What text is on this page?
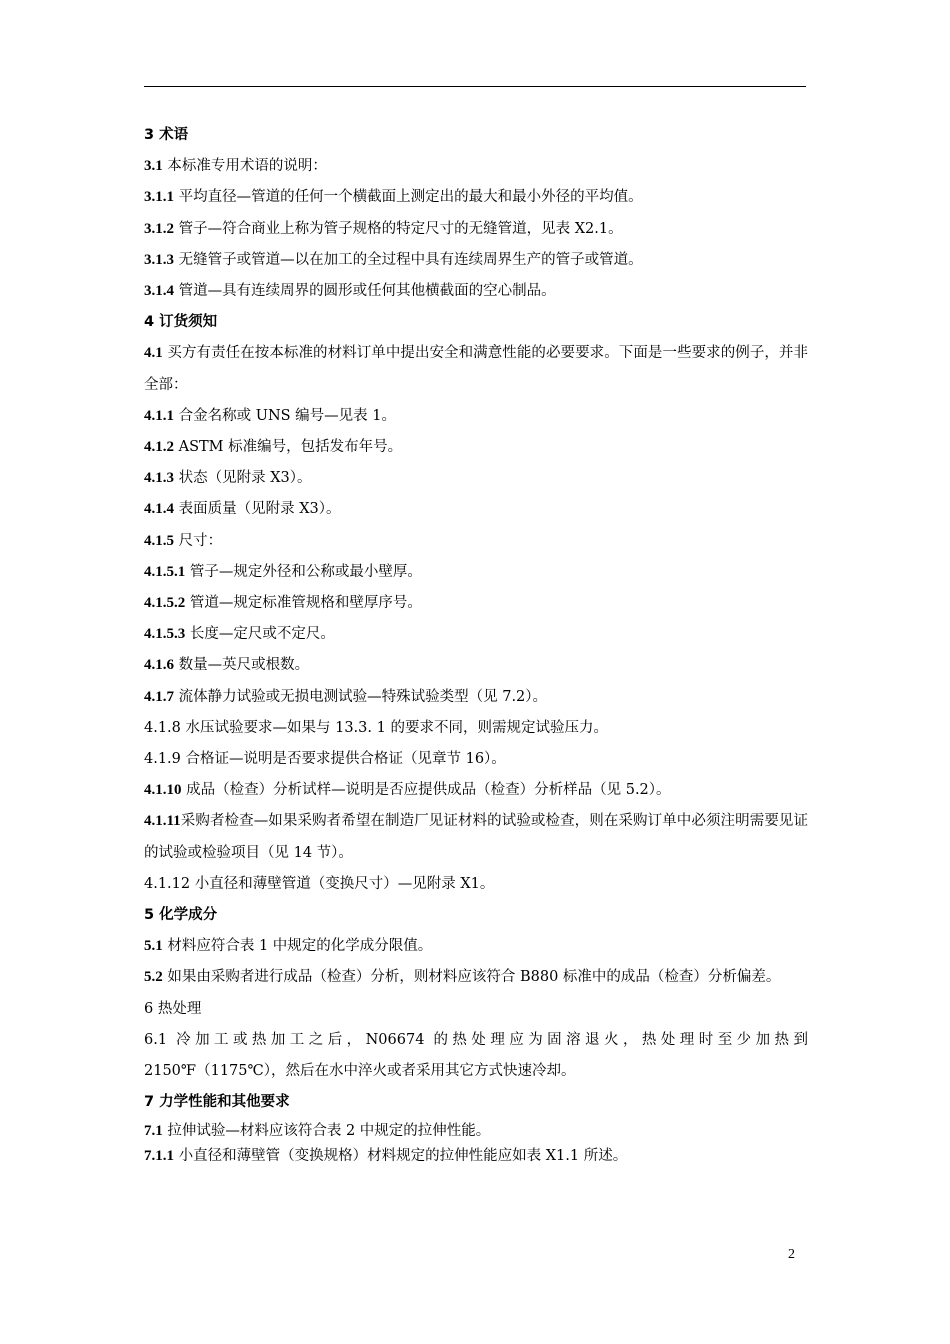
3 术语
3.1 本标准专用术语的说明：
3.1.1 平均直径—管道的任何一个横截面上测定出的最大和最小外径的平均值。
3.1.2 管子—符合商业上称为管子规格的特定尺寸的无缝管道，见表 X2.1。
3.1.3 无缝管子或管道—以在加工的全过程中具有连续周界生产的管子或管道。
3.1.4 管道—具有连续周界的圆形或任何其他横截面的空心制品。
4 订货须知
4.1 买方有责任在按本标准的材料订单中提出安全和满意性能的必要要求。下面是一些要求的例子，并非全部：
4.1.1 合金名称或 UNS 编号—见表 1。
4.1.2 ASTM 标准编号，包括发布年号。
4.1.3 状态（见附录 X3）。
4.1.4 表面质量（见附录 X3）。
4.1.5 尺寸：
4.1.5.1 管子—规定外径和公称或最小壁厚。
4.1.5.2 管道—规定标准管规格和壁厚序号。
4.1.5.3 长度—定尺或不定尺。
4.1.6 数量—英尺或根数。
4.1.7 流体静力试验或无损电测试验—特殊试验类型（见 7.2）。
4.1.8 水压试验要求—如果与 13.3. 1 的要求不同，则需规定试验压力。
4.1.9 合格证—说明是否要求提供合格证（见章节 16）。
4.1.10 成品（检查）分析试样—说明是否应提供成品（检查）分析样品（见 5.2）。
4.1.11采购者检查—如果采购者希望在制造厂见证材料的试验或检查，则在采购订单中必须注明需要见证的试验或检验项目（见 14 节）。
4.1.12 小直径和薄壁管道（变换尺寸）—见附录 X1。
5 化学成分
5.1 材料应符合表 1 中规定的化学成分限值。
5.2 如果由采购者进行成品（检查）分析，则材料应该符合 B880 标准中的成品（检查）分析偏差。
6 热处理
6.1 冷加工或热加工之后，N06674 的热处理应为固溶退火，热处理时至少加热到 2150℉（1175℃），然后在水中淬火或者采用其它方式快速冷却。
7 力学性能和其他要求
7.1 拉伸试验—材料应该符合表 2 中规定的拉伸性能。
7.1.1 小直径和薄壁管（变换规格）材料规定的拉伸性能应如表 X1.1 所述。
2
